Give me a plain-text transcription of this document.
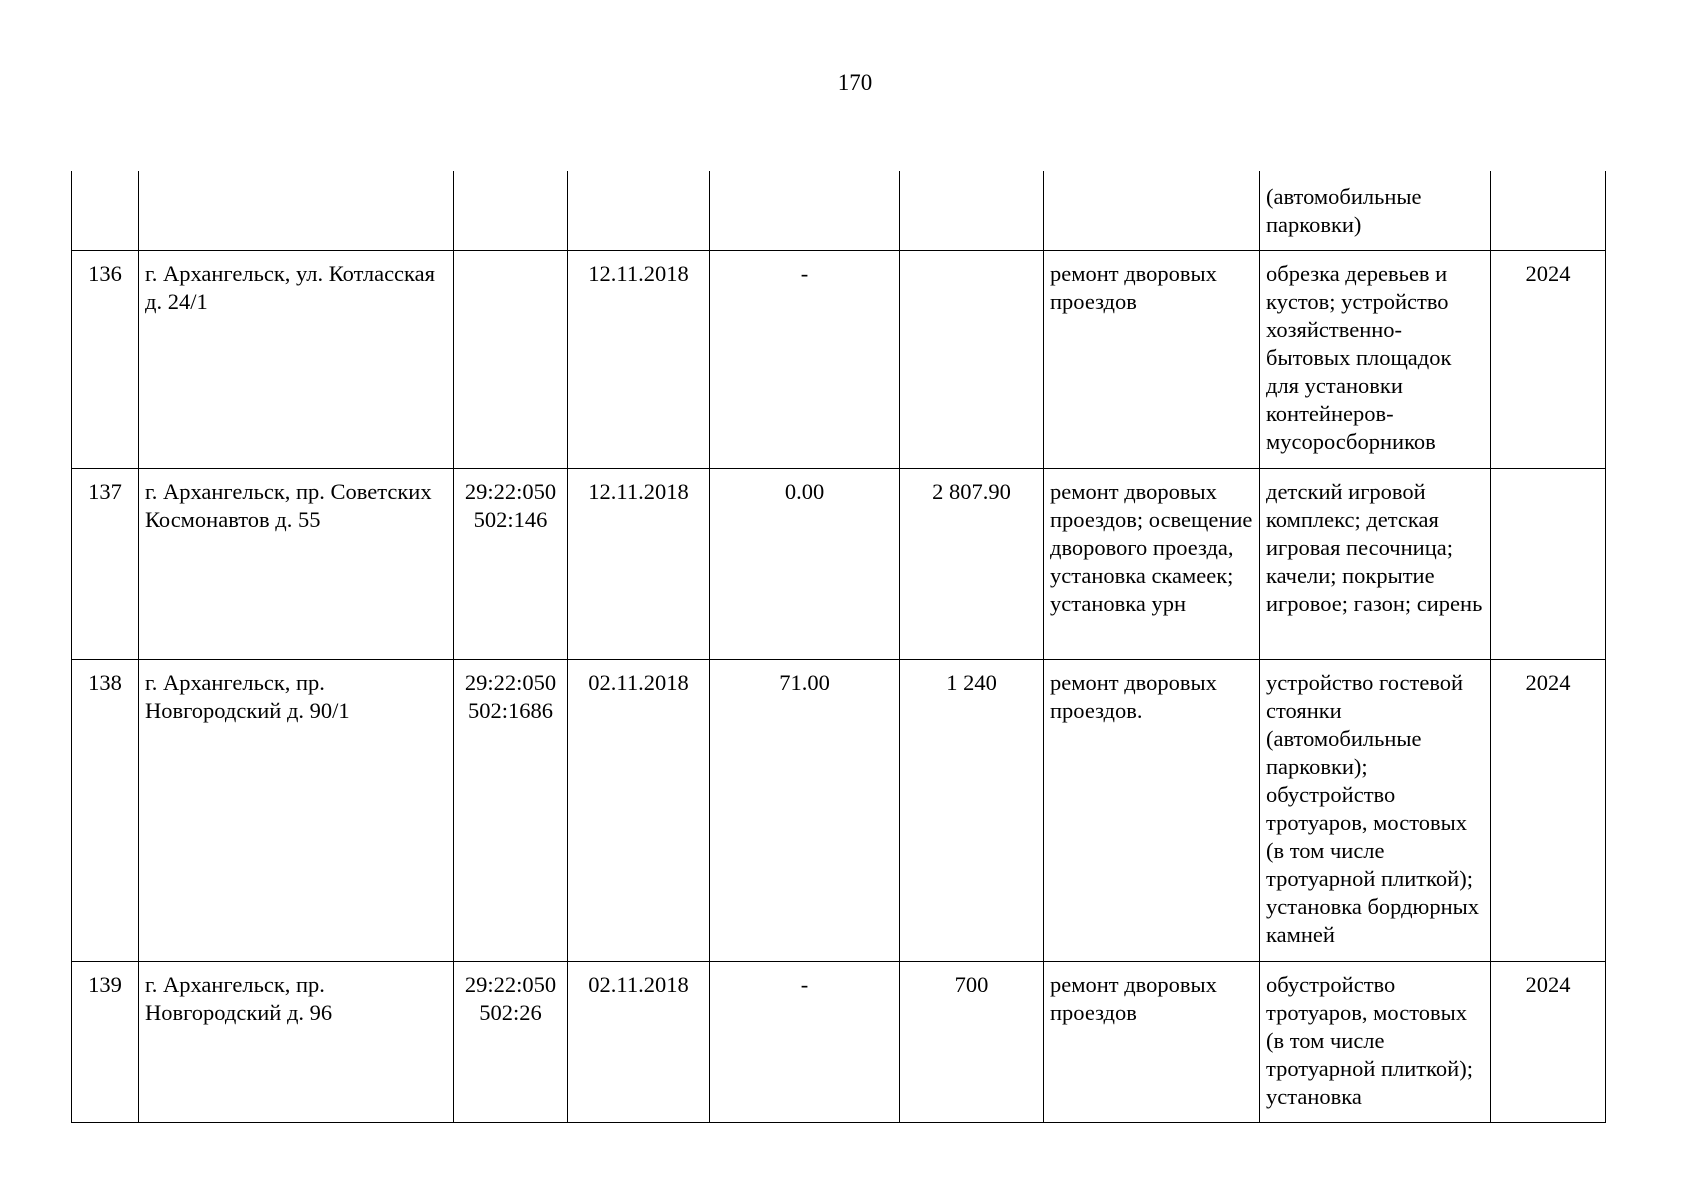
170
							(автомобильные парковки)	
136	г. Архангельск, ул. Котласская д. 24/1		12.11.2018	-		ремонт дворовых проездов	обрезка деревьев и кустов; устройство хозяйственно-бытовых площадок для установки контейнеров-мусоросборников	2024
137	г. Архангельск, пр. Советских Космонавтов д. 55	29:22:050 502:146	12.11.2018	0.00	2 807.90	ремонт дворовых проездов; освещение дворового проезда, установка скамеек; установка урн	детский игровой комплекс; детская игровая песочница; качели; покрытие игровое; газон; сирень	
138	г. Архангельск, пр. Новгородский д. 90/1	29:22:050 502:1686	02.11.2018	71.00	1 240	ремонт дворовых проездов.	устройство гостевой стоянки (автомобильные парковки); обустройство тротуаров, мостовых (в том числе тротуарной плиткой); установка бордюрных камней	2024
139	г. Архангельск, пр. Новгородский д. 96	29:22:050 502:26	02.11.2018	-	700	ремонт дворовых проездов	обустройство тротуаров, мостовых (в том числе тротуарной плиткой); установка	2024
